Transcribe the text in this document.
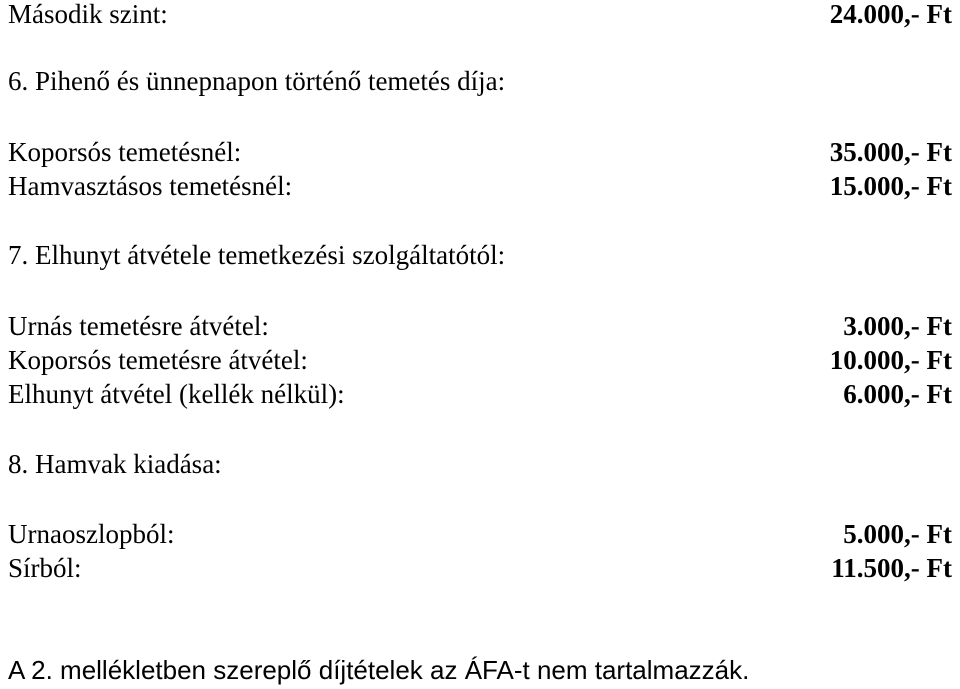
Második szint:	24.000,- Ft
6. Pihenő és ünnepnapon történő temetés díja:
Koporsós temetésnél:	35.000,- Ft
Hamvasztásos temetésnél:	15.000,- Ft
7. Elhunyt átvétele temetkezési szolgáltatótól:
Urnás temetésre átvétel:	3.000,- Ft
Koporsós temetésre átvétel:	10.000,- Ft
Elhunyt átvétel (kellék nélkül):	6.000,- Ft
8. Hamvak kiadása:
Urnaoszlopból:	5.000,- Ft
Sírból:	11.500,- Ft
A 2. mellékletben szereplő díjtételek az ÁFA-t nem tartalmazzák.
